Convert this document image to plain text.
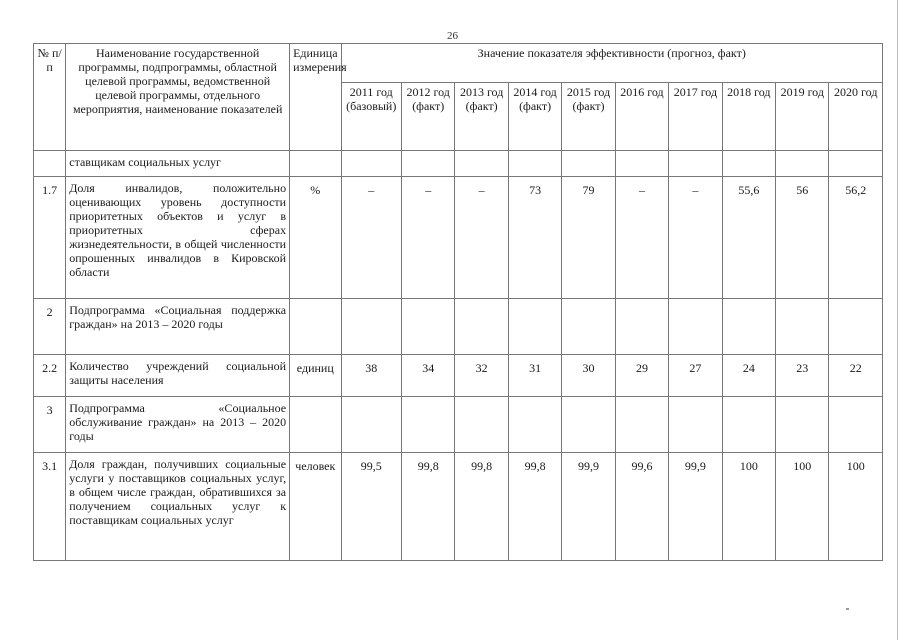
26
№ п/п	Наименование государственной программы, подпрограммы, областной целевой программы, ведомственной целевой программы, отдельного мероприятия, наименование показателей	Единица измерения	Значение показателя эффективности (прогноз, факт)									
			2011 год (базовый)	2012 год (факт)	2013 год (факт)	2014 год (факт)	2015 год (факт)	2016 год	2017 год	2018 год	2019 год	2020 год
	ставщикам социальных услуг											
1.7	Доля инвалидов, положительно оценивающих уровень доступности приоритетных объектов и услуг в приоритетных сферах жизнедеятельности, в общей численности опрошенных инвалидов в Кировской области	%	–	–	–	73	79	–	–	55,6	56	56,2
2	Подпрограмма «Социальная поддержка граждан» на 2013 – 2020 годы											
2.2	Количество учреждений социальной защиты населения	единиц	38	34	32	31	30	29	27	24	23	22
3	Подпрограмма «Социальное обслуживание граждан» на 2013 – 2020 годы											
3.1	Доля граждан, получивших социальные услуги у поставщиков социальных услуг, в общем числе граждан, обратившихся за получением социальных услуг к поставщикам социальных услуг	человек	99,5	99,8	99,8	99,8	99,9	99,6	99,9	100	100	100
